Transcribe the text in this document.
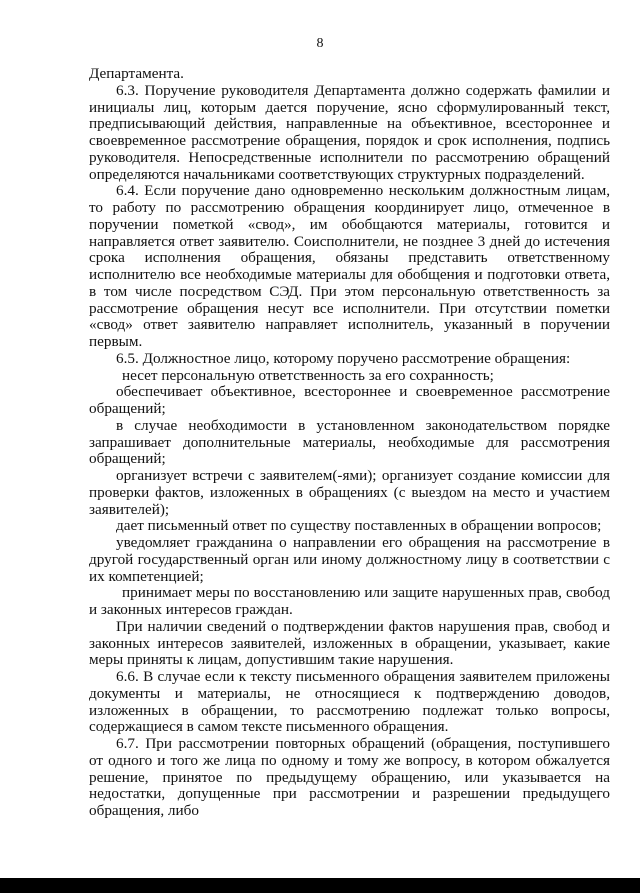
8

Департамента.

6.3. Поручение руководителя Департамента должно содержать фамилии и инициалы лиц, которым дается поручение, ясно сформулированный текст, предписывающий действия, направленные на объективное, всестороннее и своевременное рассмотрение обращения, порядок и срок исполнения, подпись руководителя. Непосредственные исполнители по рассмотрению обращений определяются начальниками соответствующих структурных подразделений.

6.4. Если поручение дано одновременно нескольким должностным лицам, то работу по рассмотрению обращения координирует лицо, отмеченное в поручении пометкой «свод», им обобщаются материалы, готовится и направляется ответ заявителю. Соисполнители, не позднее 3 дней до истечения срока исполнения обращения, обязаны представить ответственному исполнителю все необходимые материалы для обобщения и подготовки ответа, в том числе посредством СЭД. При этом персональную ответственность за рассмотрение обращения несут все исполнители. При отсутствии пометки «свод» ответ заявителю направляет исполнитель, указанный в поручении первым.

6.5. Должностное лицо, которому поручено рассмотрение обращения:

несет персональную ответственность за его сохранность;

обеспечивает объективное, всестороннее и своевременное рассмотрение обращений;

в случае необходимости в установленном законодательством порядке запрашивает дополнительные материалы, необходимые для рассмотрения обращений;

организует встречи с заявителем(-ями); организует создание комиссии для проверки фактов, изложенных в обращениях (с выездом на место и участием заявителей);

дает письменный ответ по существу поставленных в обращении вопросов;

уведомляет гражданина о направлении его обращения на рассмотрение в другой государственный орган или иному должностному лицу в соответствии с их компетенцией;

принимает меры по восстановлению или защите нарушенных прав, свобод и законных интересов граждан.

При наличии сведений о подтверждении фактов нарушения прав, свобод и законных интересов заявителей, изложенных в обращении, указывает, какие меры приняты к лицам, допустившим такие нарушения.

6.6. В случае если к тексту письменного обращения заявителем приложены документы и материалы, не относящиеся к подтверждению доводов, изложенных в обращении, то рассмотрению подлежат только вопросы, содержащиеся в самом тексте письменного обращения.

6.7. При рассмотрении повторных обращений (обращения, поступившего от одного и того же лица по одному и тому же вопросу, в котором обжалуется решение, принятое по предыдущему обращению, или указывается на недостатки, допущенные при рассмотрении и разрешении предыдущего обращения, либо
